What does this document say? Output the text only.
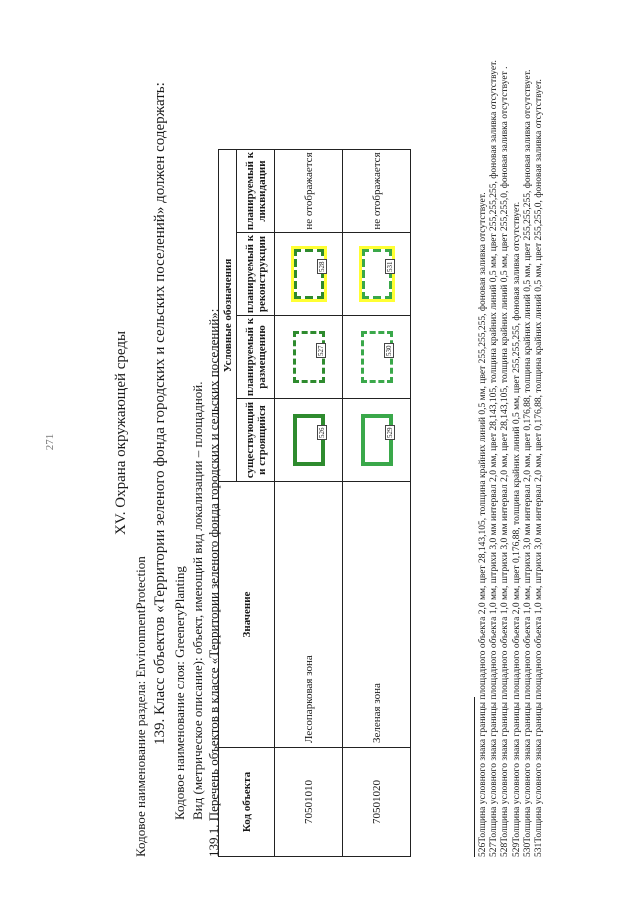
271	XV. Охрана окружающей среды
Кодовое наименование раздела: EnvironmentProtection 139. Класс объектов «Территории зеленого фонда городских и сельских поселений» должен содержать: Кодовое наименование слоя: GreeneryPlanting Вид (метрическое описание): объект, имеющий вид локализации – площадной. 139.1. Перечень объектов в классе «Территории зеленого фонда городских и сельских поселений»: Код объекта	Значение	Условные обозначения			
		существующий и строящийся	планируемый к размещению	планируемый к реконструкции	планируемый к ликвидации
70501010	Лесопарковая зона	526	527	528	не отображается
70501020	Зеленая зона	529	530	531	не отображается
526Толщина условного знака границы площадного объекта 2,0 мм, цвет 28,143,105, толщина крайних линий 0,5 мм, цвет 255,255,255, фоновая заливка отсутствует. 527Толщина условного знака границы площадного объекта 1,0 мм, штрихи 3,0 мм интервал 2,0 мм, цвет 28,143,105, толщина крайних линий 0,5 мм, цвет 255,255,255, фоновая заливка отсутствует. 528Толщина условного знака границы площадного объекта 1,0 мм, штрихи 3,0 мм интервал 2,0 мм, цвет 28,143,105, толщина крайних линий 0,5 мм, цвет 255,255,0, фоновая заливка отсутствует . 529Толщина условного знака границы площадного объекта 2,0 мм, цвет 0,176,88, толщина крайних линий 0,5 мм, цвет 255,255,255, фоновая заливка отсутствует. 530Толщина условного знака границы площадного объекта 1,0 мм, штрихи 3,0 мм интервал 2,0 мм, цвет 0,176,88, толщина крайних линий 0,5 мм, цвет 255,255,255, фоновая заливка отсутствует. 531Толщина условного знака границы площадного объекта 1,0 мм, штрихи 3,0 мм интервал 2,0 мм, цвет 0,176,88, толщина крайних линий 0,5 мм, цвет 255,255,0, фоновая заливка отсутствует.
